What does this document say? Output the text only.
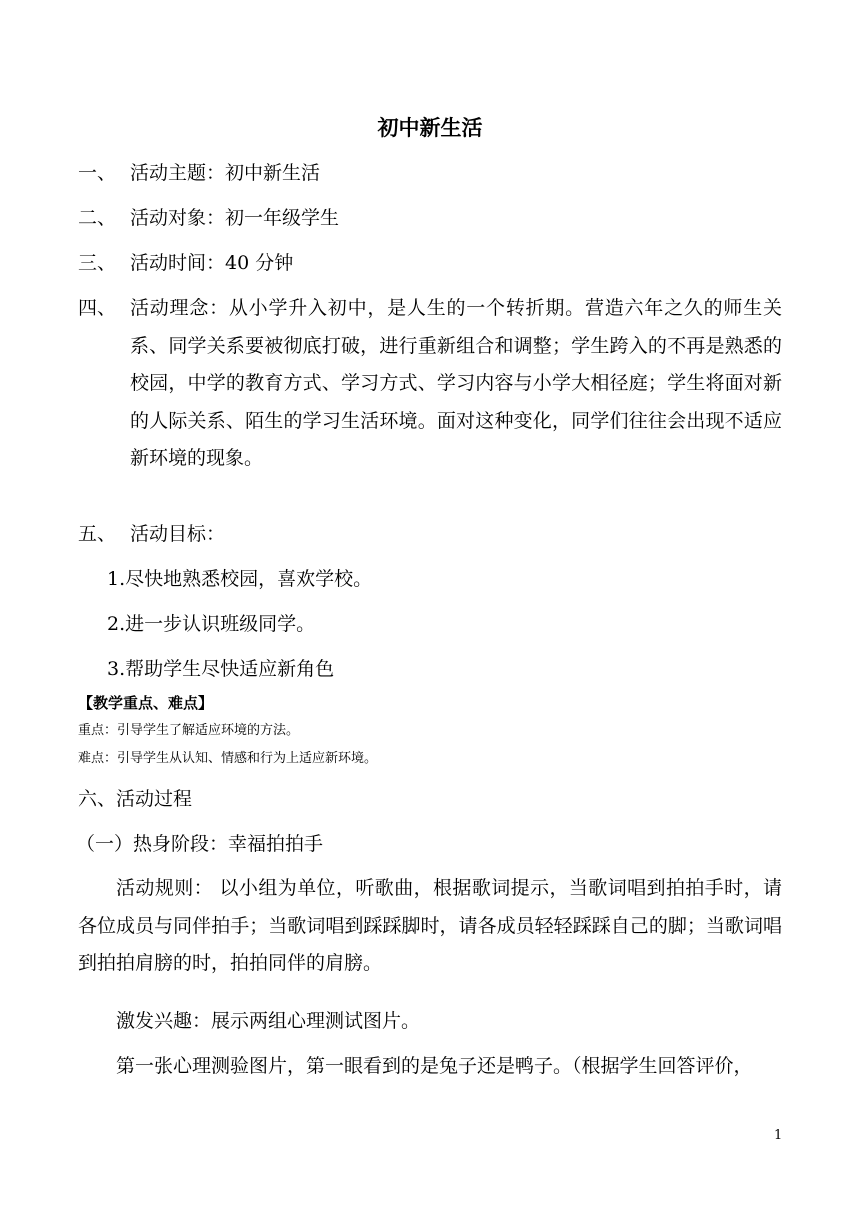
初中新生活
一、 活动主题：初中新生活
二、 活动对象：初一年级学生
三、 活动时间：40 分钟
四、 活动理念：从小学升入初中，是人生的一个转折期。营造六年之久的师生关系、同学关系要被彻底打破，进行重新组合和调整；学生跨入的不再是熟悉的校园，中学的教育方式、学习方式、学习内容与小学大相径庭；学生将面对新的人际关系、陌生的学习生活环境。面对这种变化，同学们往往会出现不适应新环境的现象。
五、 活动目标：
1.尽快地熟悉校园，喜欢学校。
2.进一步认识班级同学。
3.帮助学生尽快适应新角色
【教学重点、难点】
重点：引导学生了解适应环境的方法。
难点：引导学生从认知、情感和行为上适应新环境。
六、活动过程
（一）热身阶段：幸福拍拍手
活动规则： 以小组为单位，听歌曲，根据歌词提示，当歌词唱到拍拍手时，请各位成员与同伴拍手；当歌词唱到踩踩脚时，请各成员轻轻踩踩自己的脚；当歌词唱到拍拍肩膀的时，拍拍同伴的肩膀。
激发兴趣：展示两组心理测试图片。
第一张心理测验图片，第一眼看到的是兔子还是鸭子。（根据学生回答评价，
1
